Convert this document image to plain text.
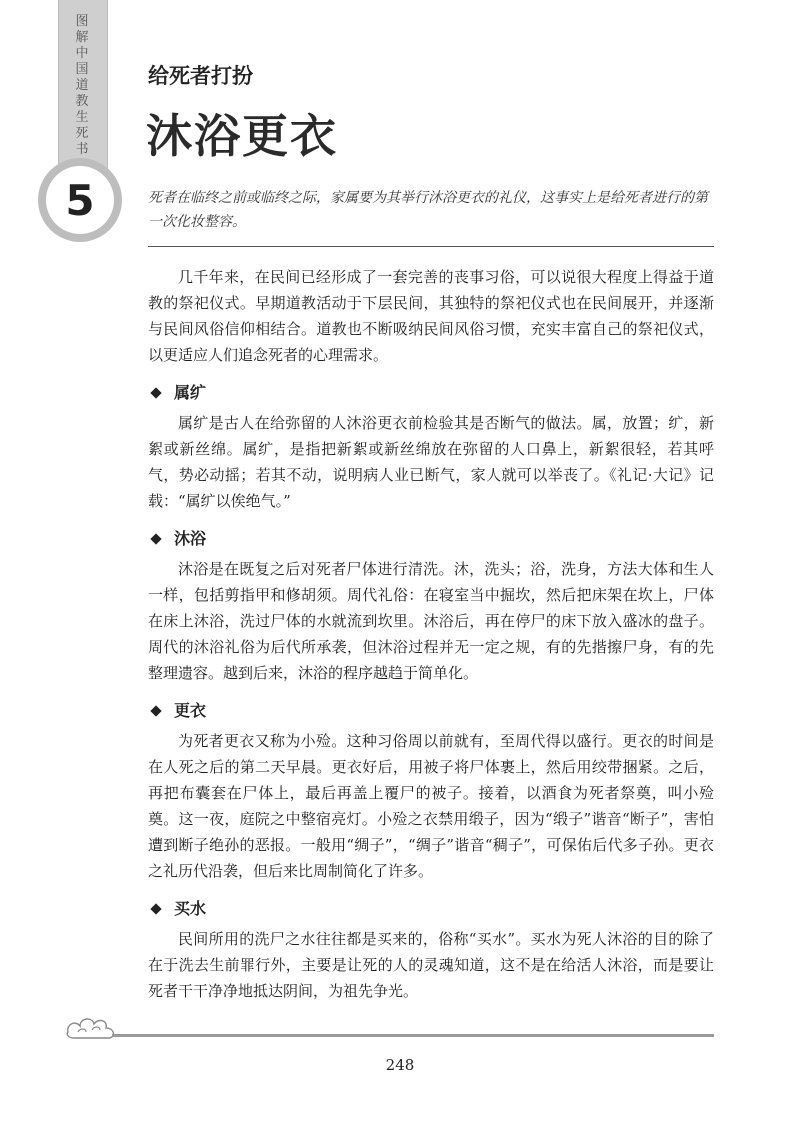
图解中国道教生死书
5
给死者打扮
沐浴更衣

死者在临终之前或临终之际，家属要为其举行沐浴更衣的礼仪，这事实上是给死者进行的第一次化妆整容。

几千年来，在民间已经形成了一套完善的丧事习俗，可以说很大程度上得益于道教的祭祀仪式。早期道教活动于下层民间，其独特的祭祀仪式也在民间展开，并逐渐与民间风俗信仰相结合。道教也不断吸纳民间风俗习惯，充实丰富自己的祭祀仪式，以更适应人们追念死者的心理需求。

属纩

属纩是古人在给弥留的人沐浴更衣前检验其是否断气的做法。属，放置；纩，新絮或新丝绵。属纩，是指把新絮或新丝绵放在弥留的人口鼻上，新絮很轻，若其呼气，势必动摇；若其不动，说明病人业已断气，家人就可以举丧了。《礼记·大记》记载：“属纩以俟绝气。”

沐浴

沐浴是在既复之后对死者尸体进行清洗。沐，洗头；浴，洗身，方法大体和生人一样，包括剪指甲和修胡须。周代礼俗：在寝室当中掘坎，然后把床架在坎上，尸体在床上沐浴，洗过尸体的水就流到坎里。沐浴后，再在停尸的床下放入盛冰的盘子。周代的沐浴礼俗为后代所承袭，但沐浴过程并无一定之规，有的先揩擦尸身，有的先整理遗容。越到后来，沐浴的程序越趋于简单化。

更衣

为死者更衣又称为小殓。这种习俗周以前就有，至周代得以盛行。更衣的时间是在人死之后的第二天早晨。更衣好后，用被子将尸体裹上，然后用绞带捆紧。之后，再把布囊套在尸体上，最后再盖上覆尸的被子。接着，以酒食为死者祭奠，叫小殓奠。这一夜，庭院之中整宿亮灯。小殓之衣禁用缎子，因为“缎子”谐音“断子”，害怕遭到断子绝孙的恶报。一般用“绸子”，“绸子”谐音“稠子”，可保佑后代多子孙。更衣之礼历代沿袭，但后来比周制简化了许多。

买水

民间所用的洗尸之水往往都是买来的，俗称“买水”。买水为死人沐浴的目的除了在于洗去生前罪行外，主要是让死的人的灵魂知道，这不是在给活人沐浴，而是要让死者干干净净地抵达阴间，为祖先争光。

248
